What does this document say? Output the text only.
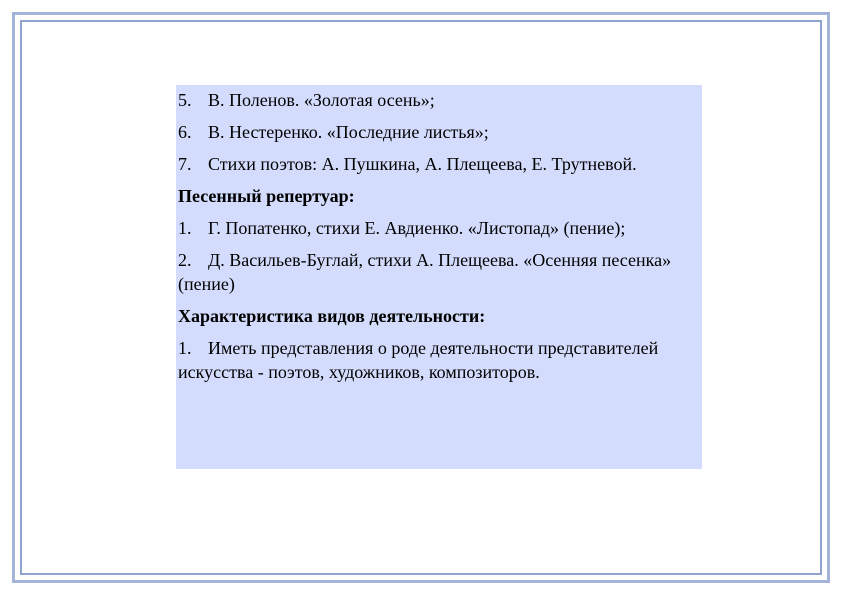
5. В. Поленов. «Золотая осень»;

6. В. Нестеренко. «Последние листья»;

7. Стихи поэтов: А. Пушкина, А. Плещеева, Е. Трутневой.

Песенный репертуар:

1. Г. Попатенко, стихи Е. Авдиенко. «Листопад» (пение);

2. Д. Васильев-Буглай, стихи А. Плещеева. «Осенняя песенка» (пение)

Характеристика видов деятельности:

1. Иметь представления о роде деятельности представителей искусства - поэтов, художников, композиторов.
